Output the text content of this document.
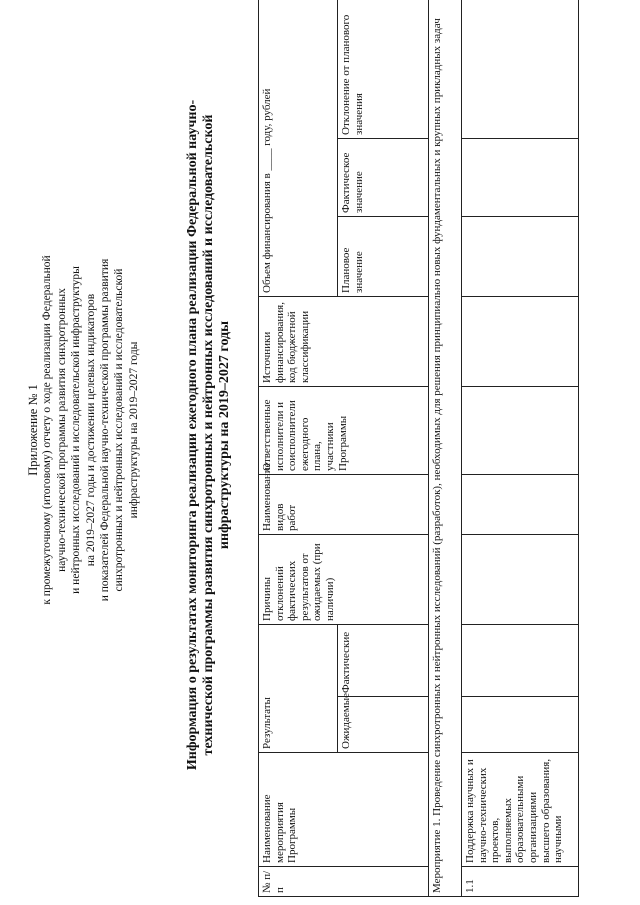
Приложение № 1 к промежуточному (итоговому) отчету о ходе реализации Федеральной научно-технической программы развития синхротронных и нейтронных исследований и исследовательской инфраструктуры на 2019–2027 годы и достижении целевых индикаторов и показателей Федеральной научно-технической программы развития синхротронных и нейтронных исследований и исследовательской инфраструктуры на 2019–2027 годы	Информация о результатах мониторинга реализации ежегодного плана реализации Федеральной научно- технической программы развития синхротронных и нейтронных исследований и исследовательской инфраструктуры на 2019–2027 годы
№ п/п	Наименование мероприятия Программы	Результаты		Причины отклонений фактических результатов от ожидаемых (при наличии)	Наименование видов работ	Ответственные исполнители и соисполнители ежегодного плана, участники Программы	Источники финансирования, код бюджетной классификации	Объем финансирования в ____ году, рублей		
		Ожидаемые	Фактические					Плановое значение	Фактическое значение	Отклонение от планового значения
Мероприятие 1. Проведение синхротронных и нейтронных исследований (разработок), необходимых для решения принципиально новых фундаментальных и крупных прикладных задач										
1.1	Поддержка научных и научно-технических проектов, выполняемых образовательными организациями высшего образования, научными									
